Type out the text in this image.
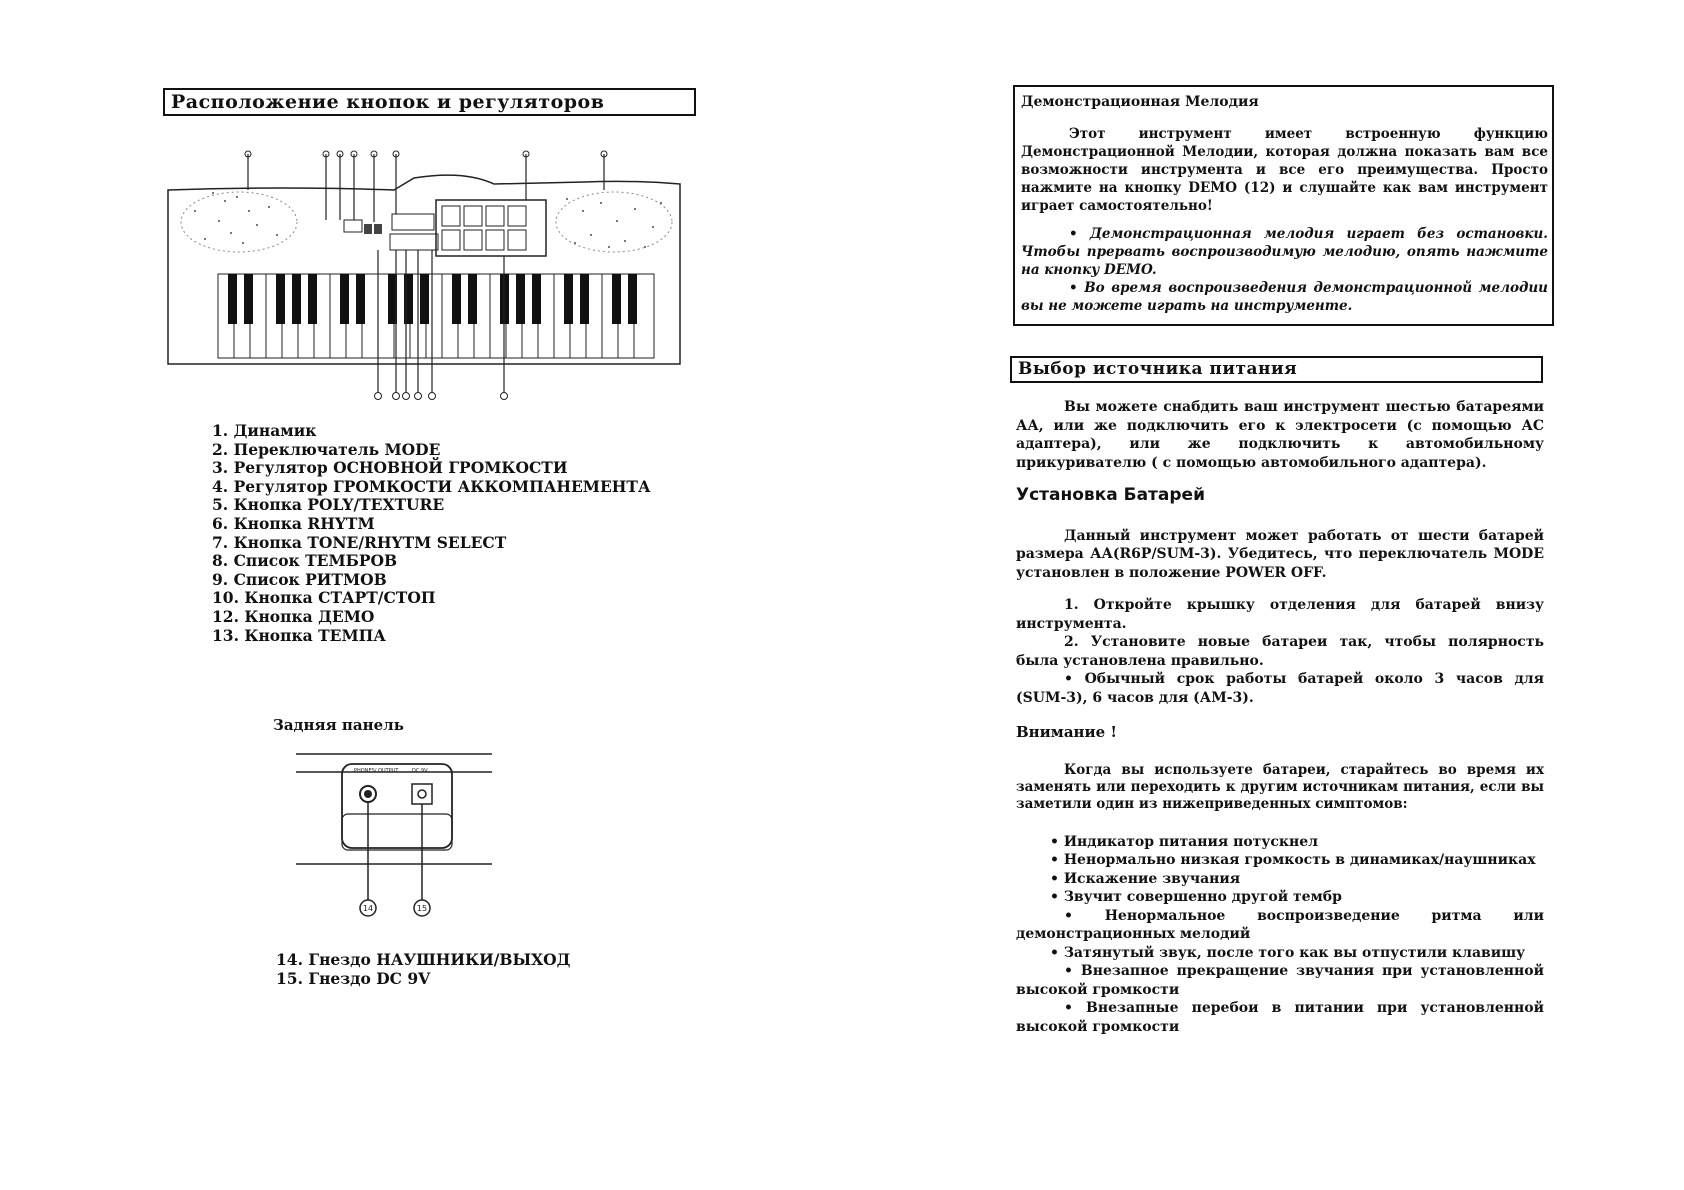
Расположение кнопок и регуляторов
1. Динамик
2. Переключатель MODE
3. Регулятор ОСНОВНОЙ ГРОМКОСТИ
4. Регулятор ГРОМКОСТИ АККОМПАНЕМЕНТА
5. Кнопка POLY/TEXTURE
6. Кнопка RHYTM
7. Кнопка TONE/RHYTM SELECT
8. Список ТЕМБРОВ
9. Список РИТМОВ
10. Кнопка СТАРТ/СТОП
12. Кнопка ДЕМО
13. Кнопка ТЕМПА
Задняя панель
PHONES/ OUTPUT	DC 9V
14	15
14. Гнездо НАУШНИКИ/ВЫХОД
15. Гнездо DC 9V
Демонстрационная Мелодия
Этот инструмент имеет встроенную функцию Демонстрационной Мелодии, которая должна показать вам все возможности инструмента и все его преимущества. Просто нажмите на кнопку DEMO (12) и слушайте как вам инструмент играет самостоятельно!
• Демонстрационная мелодия играет без остановки. Чтобы прервать воспроизводимую мелодию, опять нажмите на кнопку DEMO.
• Во время воспроизведения демонстрационной мелодии вы не можете играть на инструменте.
Выбор источника питания

Вы можете снабдить ваш инструмент шестью батареями АА, или же подключить его к электросети (с помощью АС адаптера), или же подключить к автомобильному прикуривателю ( с помощью автомобильного адаптера).

Установка Батарей

Данный инструмент может работать от шести батарей размера АА(R6P/SUM-3). Убедитесь, что переключатель MODE установлен в положение POWER OFF.

1. Откройте крышку отделения для батарей внизу инструмента.

2. Установите новые батареи так, чтобы полярность была установлена правильно.

• Обычный срок работы батарей около 3 часов для (SUM-3), 6 часов для (АМ-3).

Внимание !

Когда вы используете батареи, старайтесь во время их заменять или переходить к другим источникам питания, если вы заметили один из нижеприведенных симптомов:

• Индикатор питания потускнел
• Ненормально низкая громкость в динамиках/наушниках
• Искажение звучания
• Звучит совершенно другой тембр
• Ненормальное воспроизведение ритма или демонстрационных мелодий
• Затянутый звук, после того как вы отпустили клавишу
• Внезапное прекращение звучания при установленной высокой громкости
• Внезапные перебои в питании при установленной высокой громкости
